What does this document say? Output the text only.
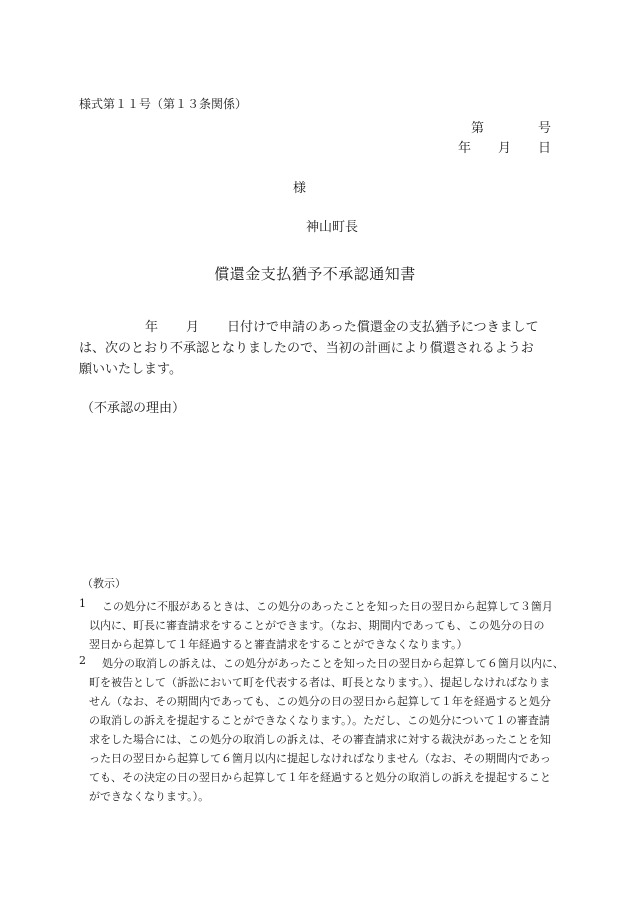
様式第１１号（第１３条関係）
第	号
年 月 日
様
神山町長
償還金支払猶予不承認通知書
年 月 日付けで申請のあった償還金の支払猶予につきまして
は、次のとおり不承認となりましたので、当初の計画により償還されるようお
願いいたします。
（不承認の理由）
（教示）
1	この処分に不服があるときは、この処分のあったことを知った日の翌日から起算して３箇月
以内に、町長に審査請求をすることができます。（なお、期間内であっても、この処分の日の
翌日から起算して１年経過すると審査請求をすることができなくなります。）
2	処分の取消しの訴えは、この処分があったことを知った日の翌日から起算して６箇月以内に、
町を被告として（訴訟において町を代表する者は、町長となります。）、提起しなければなりま
せん（なお、その期間内であっても、この処分の日の翌日から起算して１年を経過すると処分
の取消しの訴えを提起することができなくなります。）。ただし、この処分について１の審査請
求をした場合には、この処分の取消しの訴えは、その審査請求に対する裁決があったことを知
った日の翌日から起算して６箇月以内に提起しなければなりません（なお、その期間内であっ
ても、その決定の日の翌日から起算して１年を経過すると処分の取消しの訴えを提起すること
ができなくなります。）。
